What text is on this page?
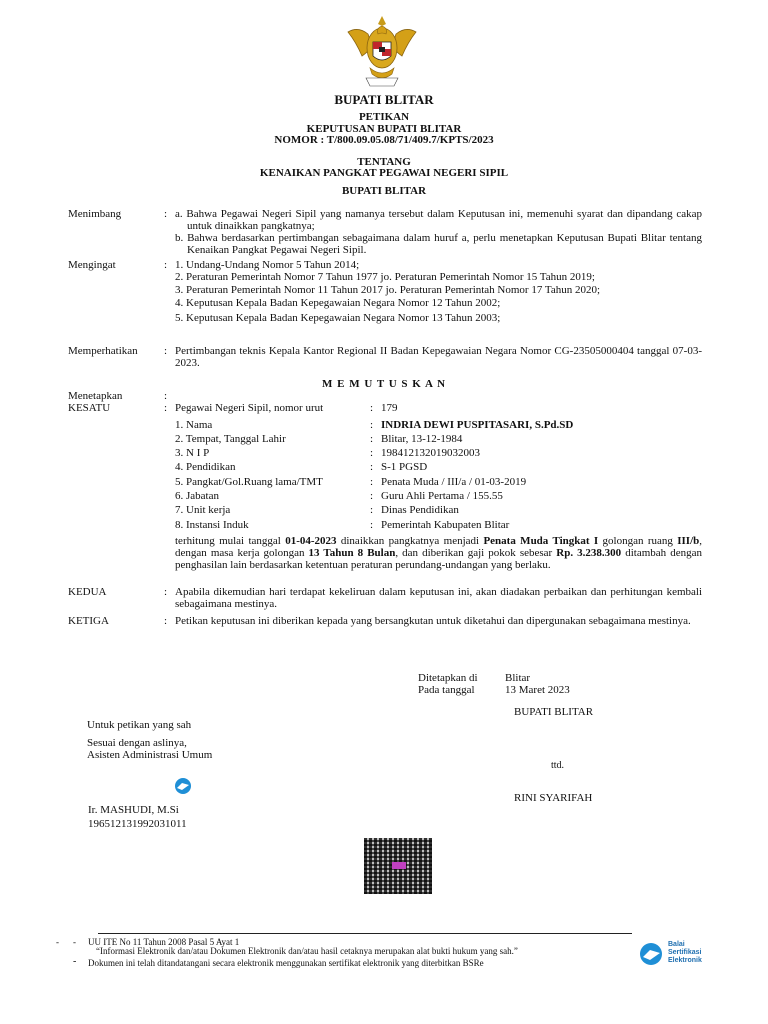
BUPATI BLITAR
PETIKAN
KEPUTUSAN BUPATI BLITAR
NOMOR : T/800.09.05.08/71/409.7/KPTS/2023
TENTANG
KENAIKAN PANGKAT PEGAWAI NEGERI SIPIL
BUPATI BLITAR
Menimbang	: a. Bahwa Pegawai Negeri Sipil yang namanya tersebut dalam Keputusan ini, memenuhi syarat dan dipandang cakap untuk dinaikkan pangkatnya;
b. Bahwa berdasarkan pertimbangan sebagaimana dalam huruf a, perlu menetapkan Keputusan Bupati Blitar tentang Kenaikan Pangkat Pegawai Negeri Sipil.
Mengingat	: 1. Undang-Undang Nomor 5 Tahun 2014;
2. Peraturan Pemerintah Nomor 7 Tahun 1977 jo. Peraturan Pemerintah Nomor 15 Tahun 2019;
3. Peraturan Pemerintah Nomor 11 Tahun 2017 jo. Peraturan Pemerintah Nomor 17 Tahun 2020;
4. Keputusan Kepala Badan Kepegawaian Negara Nomor 12 Tahun 2002;
5. Keputusan Kepala Badan Kepegawaian Negara Nomor 13 Tahun 2003;
Memperhatikan : Pertimbangan teknis Kepala Kantor Regional II Badan Kepegawaian Negara Nomor CG-23505000404 tanggal 07-03-2023.
M E M U T U S K A N
Menetapkan	:
KESATU	: Pegawai Negeri Sipil, nomor urut	: 179
1. Nama	: INDRIA DEWI PUSPITASARI, S.Pd.SD
2. Tempat, Tanggal Lahir	: Blitar, 13-12-1984
3. N I P	: 198412132019032003
4. Pendidikan	: S-1 PGSD
5. Pangkat/Gol.Ruang lama/TMT	: Penata Muda / III/a / 01-03-2019
6. Jabatan	: Guru Ahli Pertama / 155.55
7. Unit kerja	: Dinas Pendidikan
8. Instansi Induk	: Pemerintah Kabupaten Blitar
terhitung mulai tanggal 01-04-2023 dinaikkan pangkatnya menjadi Penata Muda Tingkat I golongan ruang III/b, dengan masa kerja golongan 13 Tahun 8 Bulan, dan diberikan gaji pokok sebesar Rp. 3.238.300 ditambah dengan penghasilan lain berdasarkan ketentuan peraturan perundang-undangan yang berlaku.
KEDUA	: Apabila dikemudian hari terdapat kekeliruan dalam keputusan ini, akan diadakan perbaikan dan perhitungan kembali sebagaimana mestinya.
KETIGA	: Petikan keputusan ini diberikan kepada yang bersangkutan untuk diketahui dan dipergunakan sebagaimana mestinya.
Ditetapkan di Blitar
Pada tanggal	13 Maret 2023
BUPATI BLITAR
ttd.
RINI SYARIFAH
Untuk petikan yang sah
Sesuai dengan aslinya,
Asisten Administrasi Umum
Ir. MASHUDI, M.Si
196512131992031011
- - UU ITE No 11 Tahun 2008 Pasal 5 Ayat 1
“Informasi Elektronik dan/atau Dokumen Elektronik dan/atau hasil cetaknya merupakan alat bukti hukum yang sah.”
- Dokumen ini telah ditandatangani secara elektronik menggunakan sertifikat elektronik yang diterbitkan BSRe
Balai
Sertifikasi
Elektronik
